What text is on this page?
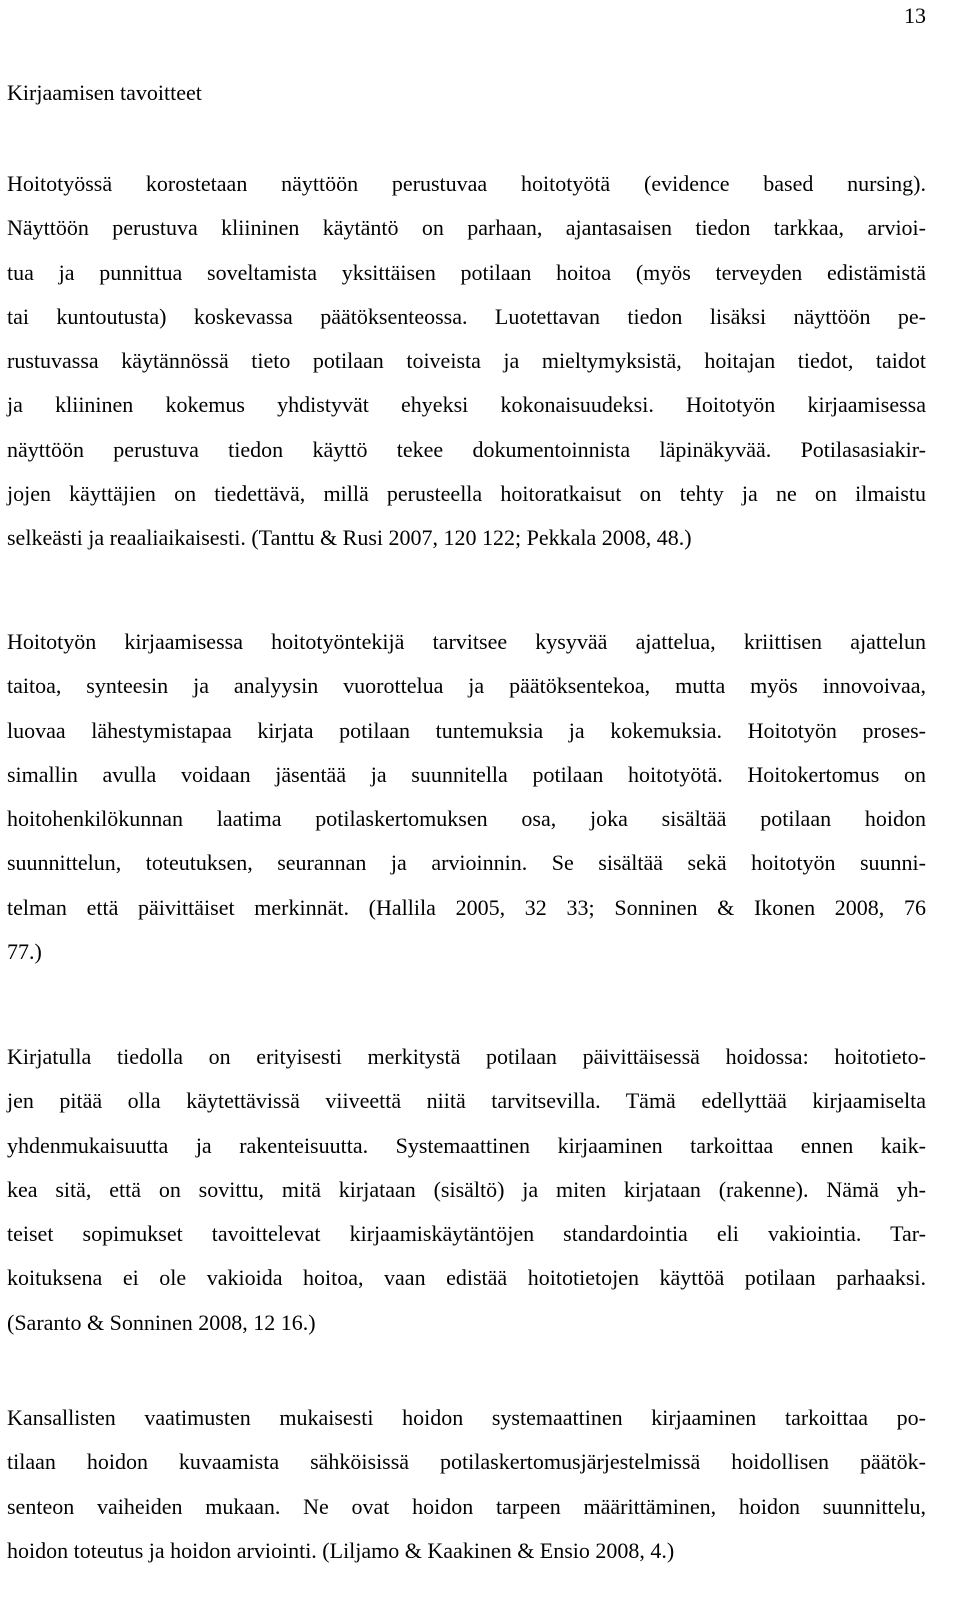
13
Kirjaamisen tavoitteet

Hoitotyössä korostetaan näyttöön perustuvaa hoitotyötä (evidence based nursing).
Näyttöön perustuva kliininen käytäntö on parhaan, ajantasaisen tiedon tarkkaa, arvioi-
tua ja punnittua soveltamista yksittäisen potilaan hoitoa (myös terveyden edistämistä
tai kuntoutusta) koskevassa päätöksenteossa. Luotettavan tiedon lisäksi näyttöön pe-
rustuvassa käytännössä tieto potilaan toiveista ja mieltymyksistä, hoitajan tiedot, taidot
ja kliininen kokemus yhdistyvät ehyeksi kokonaisuudeksi. Hoitotyön kirjaamisessa
näyttöön perustuva tiedon käyttö tekee dokumentoinnista läpinäkyvää. Potilasasiakir-
jojen käyttäjien on tiedettävä, millä perusteella hoitoratkaisut on tehty ja ne on ilmaistu
selkeästi ja reaaliaikaisesti. (Tanttu & Rusi 2007, 120 122; Pekkala 2008, 48.)

Hoitotyön kirjaamisessa hoitotyöntekijä tarvitsee kysyvää ajattelua, kriittisen ajattelun
taitoa, synteesin ja analyysin vuorottelua ja päätöksentekoa, mutta myös innovoivaa,
luovaa lähestymistapaa kirjata potilaan tuntemuksia ja kokemuksia. Hoitotyön proses-
simallin avulla voidaan jäsentää ja suunnitella potilaan hoitotyötä. Hoitokertomus on
hoitohenkilökunnan laatima potilaskertomuksen osa, joka sisältää potilaan hoidon
suunnittelun, toteutuksen, seurannan ja arvioinnin. Se sisältää sekä hoitotyön suunni-
telman että päivittäiset merkinnät. (Hallila 2005, 32 33; Sonninen & Ikonen 2008, 76
77.)

Kirjatulla tiedolla on erityisesti merkitystä potilaan päivittäisessä hoidossa: hoitotieto-
jen pitää olla käytettävissä viiveettä niitä tarvitsevilla. Tämä edellyttää kirjaamiselta
yhdenmukaisuutta ja rakenteisuutta. Systemaattinen kirjaaminen tarkoittaa ennen kaik-
kea sitä, että on sovittu, mitä kirjataan (sisältö) ja miten kirjataan (rakenne). Nämä yh-
teiset sopimukset tavoittelevat kirjaamiskäytäntöjen standardointia eli vakiointia. Tar-
koituksena ei ole vakioida hoitoa, vaan edistää hoitotietojen käyttöä potilaan parhaaksi.
(Saranto & Sonninen 2008, 12 16.)

Kansallisten vaatimusten mukaisesti hoidon systemaattinen kirjaaminen tarkoittaa po-
tilaan hoidon kuvaamista sähköisissä potilaskertomusjärjestelmissä hoidollisen päätök-
senteon vaiheiden mukaan. Ne ovat hoidon tarpeen määrittäminen, hoidon suunnittelu,
hoidon toteutus ja hoidon arviointi. (Liljamo & Kaakinen & Ensio 2008, 4.)
